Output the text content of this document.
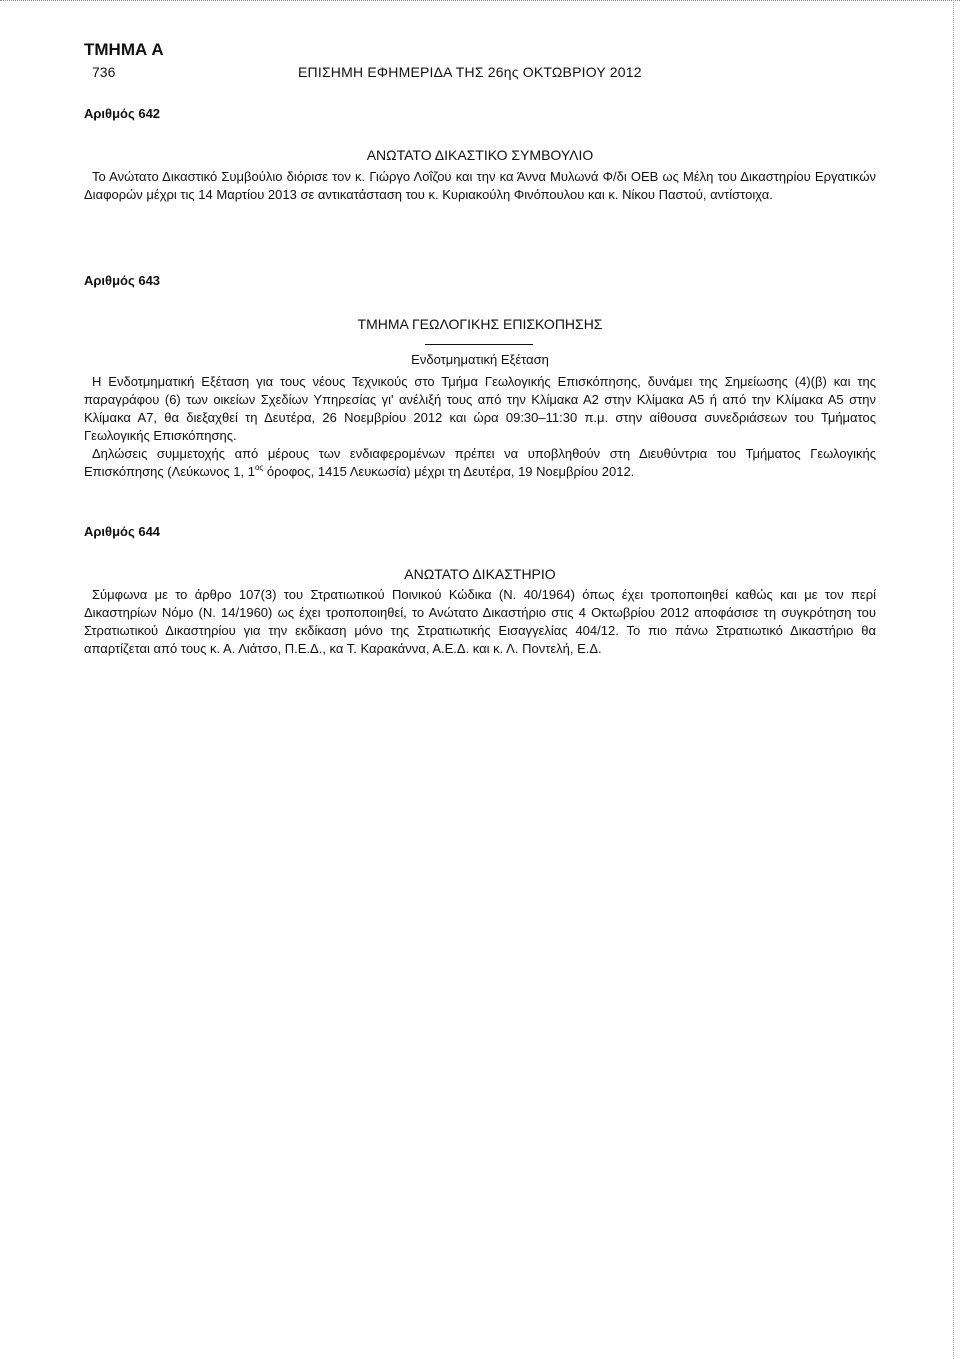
ΤΜΗΜΑ Α
736	ΕΠΙΣΗΜΗ ΕΦΗΜΕΡΙΔΑ ΤΗΣ 26ης ΟΚΤΩΒΡΙΟΥ 2012
Αριθμός 642
ΑΝΩΤΑΤΟ ΔΙΚΑΣΤΙΚΟ ΣΥΜΒΟΥΛΙΟ

Το Ανώτατο Δικαστικό Συμβούλιο διόρισε τον κ. Γιώργο Λοΐζου και την κα Άννα Μυλωνά Φ/δι ΟΕΒ ως Μέλη του Δικαστηρίου Εργατικών Διαφορών μέχρι τις 14 Μαρτίου 2013 σε αντικατάσταση του κ. Κυριακούλη Φινόπουλου και κ. Νίκου Παστού, αντίστοιχα.

Αριθμός 643
ΤΜΗΜΑ ΓΕΩΛΟΓΙΚΗΣ ΕΠΙΣΚΟΠΗΣΗΣ
Ενδοτμηματική Εξέταση

Η Ενδοτμηματική Εξέταση για τους νέους Τεχνικούς στο Τμήμα Γεωλογικής Επισκόπησης, δυνάμει της Σημείωσης (4)(β) και της παραγράφου (6) των οικείων Σχεδίων Υπηρεσίας γι' ανέλιξή τους από την Κλίμακα Α2 στην Κλίμακα Α5 ή από την Κλίμακα Α5 στην Κλίμακα Α7, θα διεξαχθεί τη Δευτέρα, 26 Νοεμβρίου 2012 και ώρα 09:30–11:30 π.μ. στην αίθουσα συνεδριάσεων του Τμήματος Γεωλογικής Επισκόπησης.

Δηλώσεις συμμετοχής από μέρους των ενδιαφερομένων πρέπει να υποβληθούν στη Διευθύντρια του Τμήματος Γεωλογικής Επισκόπησης (Λεύκωνος 1, $1^{o\varsigma}$ όροφος, 1415 Λευκωσία) μέχρι τη Δευτέρα, 19 Νοεμβρίου 2012.

Αριθμός 644
ΑΝΩΤΑΤΟ ΔΙΚΑΣΤΗΡΙΟ

Σύμφωνα με το άρθρο 107(3) του Στρατιωτικού Ποινικού Κώδικα (Ν. 40/1964) όπως έχει τροποποιηθεί καθώς και με τον περί Δικαστηρίων Νόμο (Ν. 14/1960) ως έχει τροποποιηθεί, το Ανώτατο Δικαστήριο στις 4 Οκτωβρίου 2012 αποφάσισε τη συγκρότηση του Στρατιωτικού Δικαστηρίου για την εκδίκαση μόνο της Στρατιωτικής Εισαγγελίας 404/12. Το πιο πάνω Στρατιωτικό Δικαστήριο θα απαρτίζεται από τους κ. Α. Λιάτσο, Π.Ε.Δ., κα Τ. Καρακάννα, Α.Ε.Δ. και κ. Λ. Ποντελή, Ε.Δ.
